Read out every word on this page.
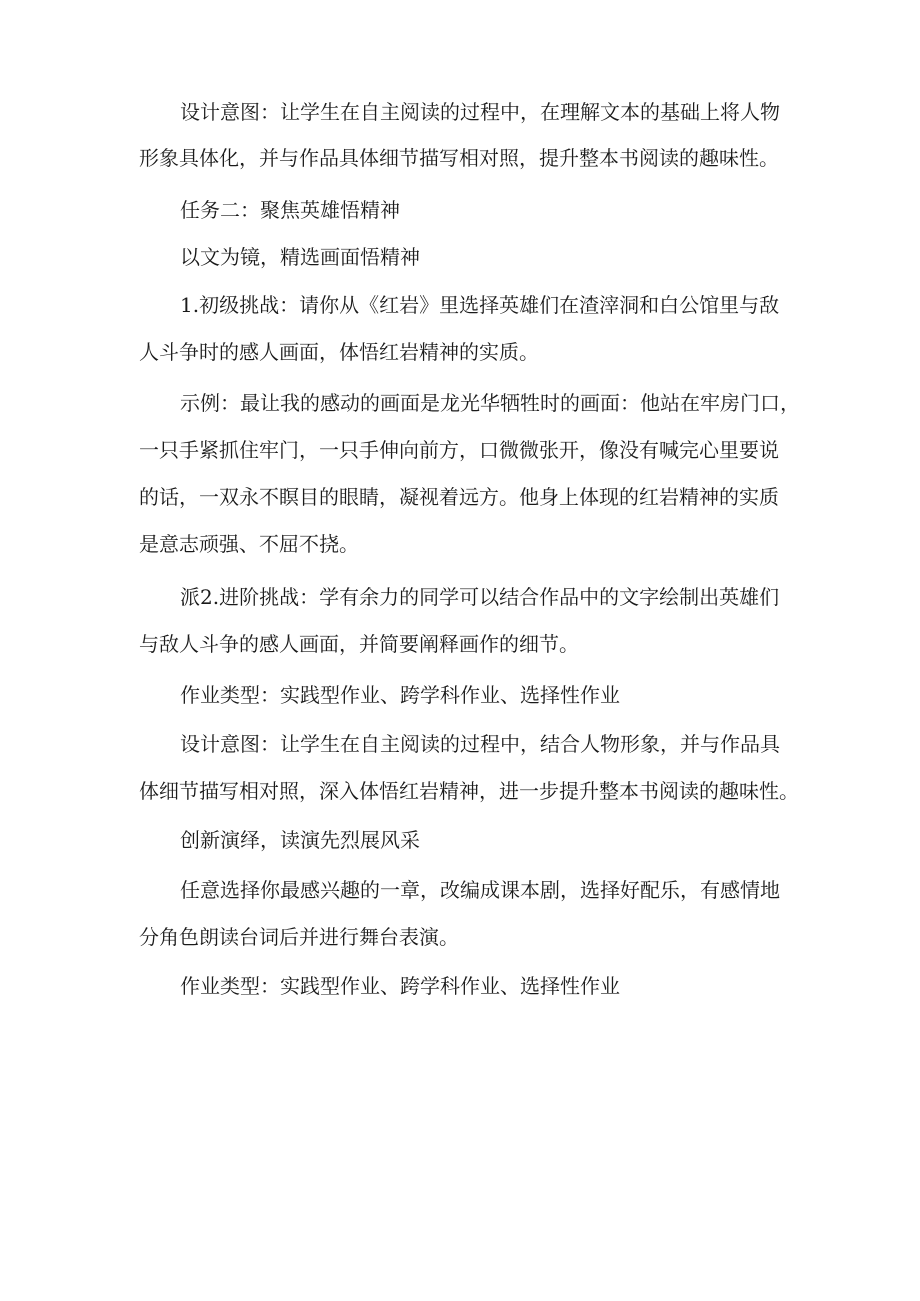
设计意图：让学生在自主阅读的过程中，在理解文本的基础上将人物

形象具体化，并与作品具体细节描写相对照，提升整本书阅读的趣味性。

任务二：聚焦英雄悟精神

以文为镜，精选画面悟精神

1.初级挑战：请你从《红岩》里选择英雄们在渣滓洞和白公馆里与敌

人斗争时的感人画面，体悟红岩精神的实质。

示例：最让我的感动的画面是龙光华牺牲时的画面：他站在牢房门口，

一只手紧抓住牢门，一只手伸向前方，口微微张开，像没有喊完心里要说

的话，一双永不瞑目的眼睛，凝视着远方。他身上体现的红岩精神的实质

是意志顽强、不屈不挠。

派2.进阶挑战：学有余力的同学可以结合作品中的文字绘制出英雄们

与敌人斗争的感人画面，并简要阐释画作的细节。

作业类型：实践型作业、跨学科作业、选择性作业

设计意图：让学生在自主阅读的过程中，结合人物形象，并与作品具

体细节描写相对照，深入体悟红岩精神，进一步提升整本书阅读的趣味性。

创新演绎，读演先烈展风采

任意选择你最感兴趣的一章，改编成课本剧，选择好配乐，有感情地

分角色朗读台词后并进行舞台表演。

作业类型：实践型作业、跨学科作业、选择性作业
